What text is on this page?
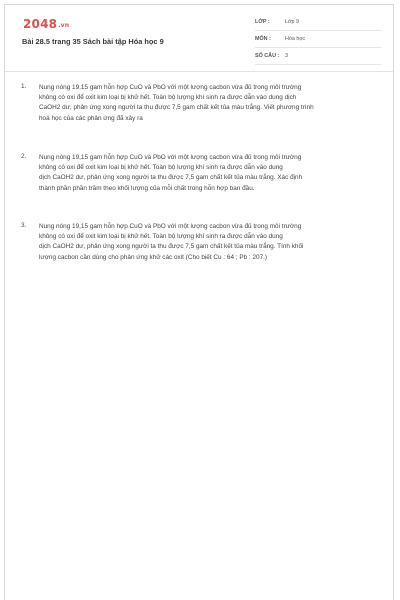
2048.vn
Bài 28.5 trang 35 Sách bài tập Hóa học 9
LỚP :	Lớp 9
MÔN :	Hóa học
SỐ CÂU : 3
1. Nung nóng 19,15 gam hỗn hợp CuO và PbO với một lượng cacbon vừa đủ trong môi trường
không có oxi để oxit kim loại bị khử hết. Toàn bộ lượng khí sinh ra được dẫn vào dung dịch
CaOH2 dư, phản ứng xong người ta thu được 7,5 gam chất kết tủa màu trắng. Viết phương trình
hoá học của các phản ứng đã xảy ra
2. Nung nóng 19,15 gam hỗn hợp CuO và PbO với một lượng cacbon vừa đủ trong môi trường
không có oxi để oxit kim loại bị khử hết. Toàn bộ lượng khí sinh ra được dẫn vào dung
dịch CaOH2 dư, phản ứng xong người ta thu được 7,5 gam chất kết tủa màu trắng. Xác định
thành phần phần trăm theo khối lượng của mỗi chất trong hỗn hợp ban đầu.
3. Nung nóng 19,15 gam hỗn hợp CuO và PbO với một lượng cacbon vừa đủ trong môi trường
không có oxi để oxit kim loại bị khử hết. Toàn bộ lượng khí sinh ra được dẫn vào dung
dịch CaOH2 dư, phản ứng xong người ta thu được 7,5 gam chất kết tủa màu trắng. Tính khối
lượng cacbon cần dùng cho phản ứng khử các oxit (Cho biết Cu : 64 ; Pb : 207.)
